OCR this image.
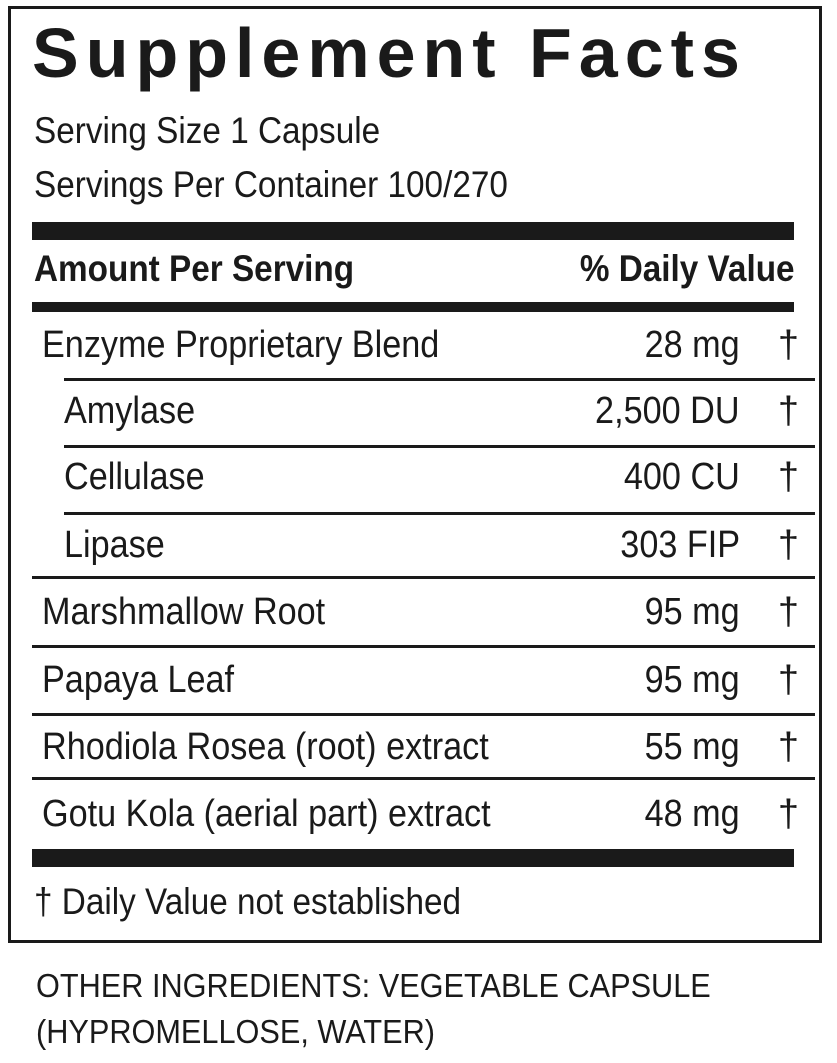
Supplement Facts
Serving Size 1 Capsule
Servings Per Container 100/270
Amount Per Serving	% Daily Value
Enzyme Proprietary Blend	28 mg †
Amylase	2,500 DU †
Cellulase	400 CU †
Lipase	303 FIP †
Marshmallow Root	95 mg †
Papaya Leaf	95 mg †
Rhodiola Rosea (root) extract	55 mg †
Gotu Kola (aerial part) extract	48 mg †
† Daily Value not established
OTHER INGREDIENTS: VEGETABLE CAPSULE
(HYPROMELLOSE, WATER)
